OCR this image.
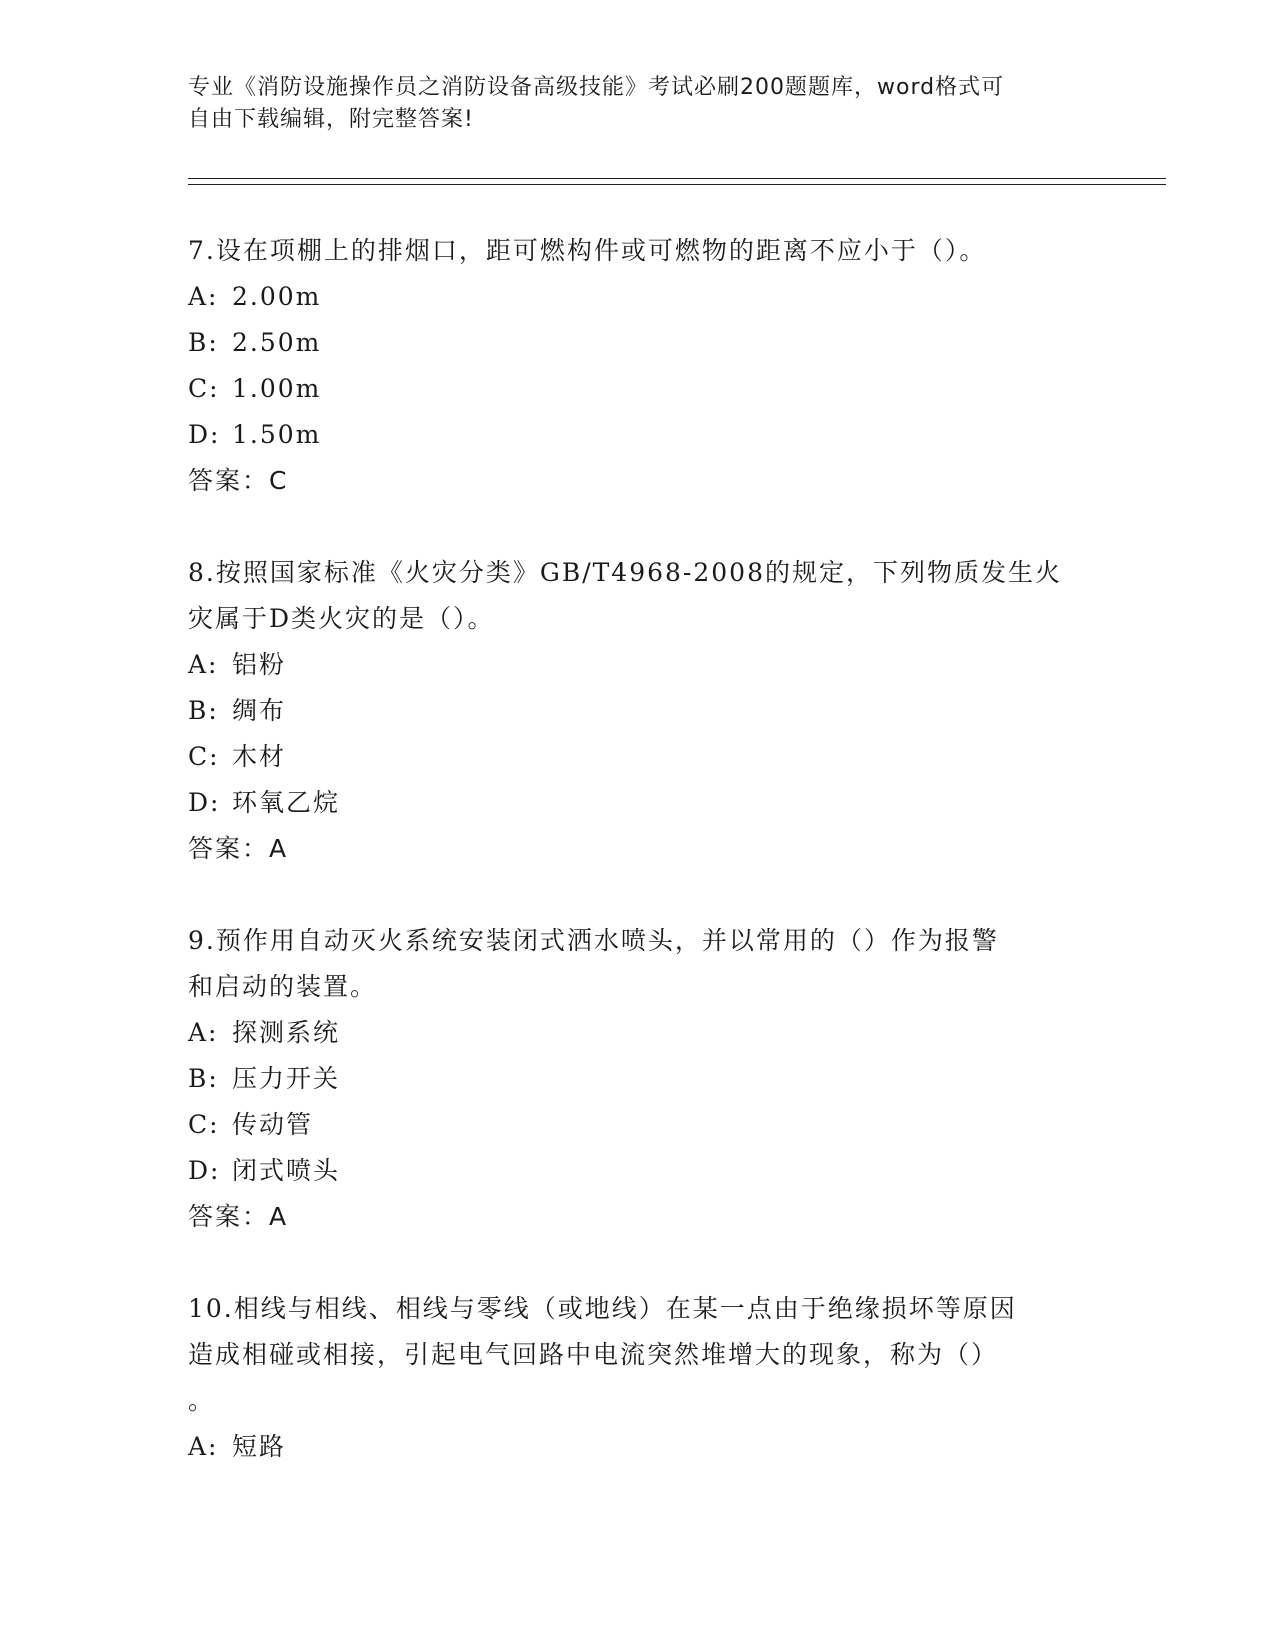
专业《消防设施操作员之消防设备高级技能》考试必刷200题题库，word格式可
自由下载编辑，附完整答案!

7.设在项棚上的排烟口，距可燃构件或可燃物的距离不应小于（）。

A: 2.00m
B: 2.50m
C: 1.00m
D: 1.50m
答案：C

8.按照国家标准《火灾分类》GB/T4968-2008的规定，下列物质发生火

灾属于D类火灾的是（）。

A: 铝粉
B: 绸布
C: 木材
D: 环氧乙烷
答案：A

9.预作用自动灭火系统安装闭式洒水喷头，并以常用的（）作为报警

和启动的装置。

A: 探测系统
B: 压力开关
C: 传动管
D: 闭式喷头
答案：A

10.相线与相线、相线与零线（或地线）在某一点由于绝缘损坏等原因

造成相碰或相接，引起电气回路中电流突然堆增大的现象，称为（）

。

A: 短路
